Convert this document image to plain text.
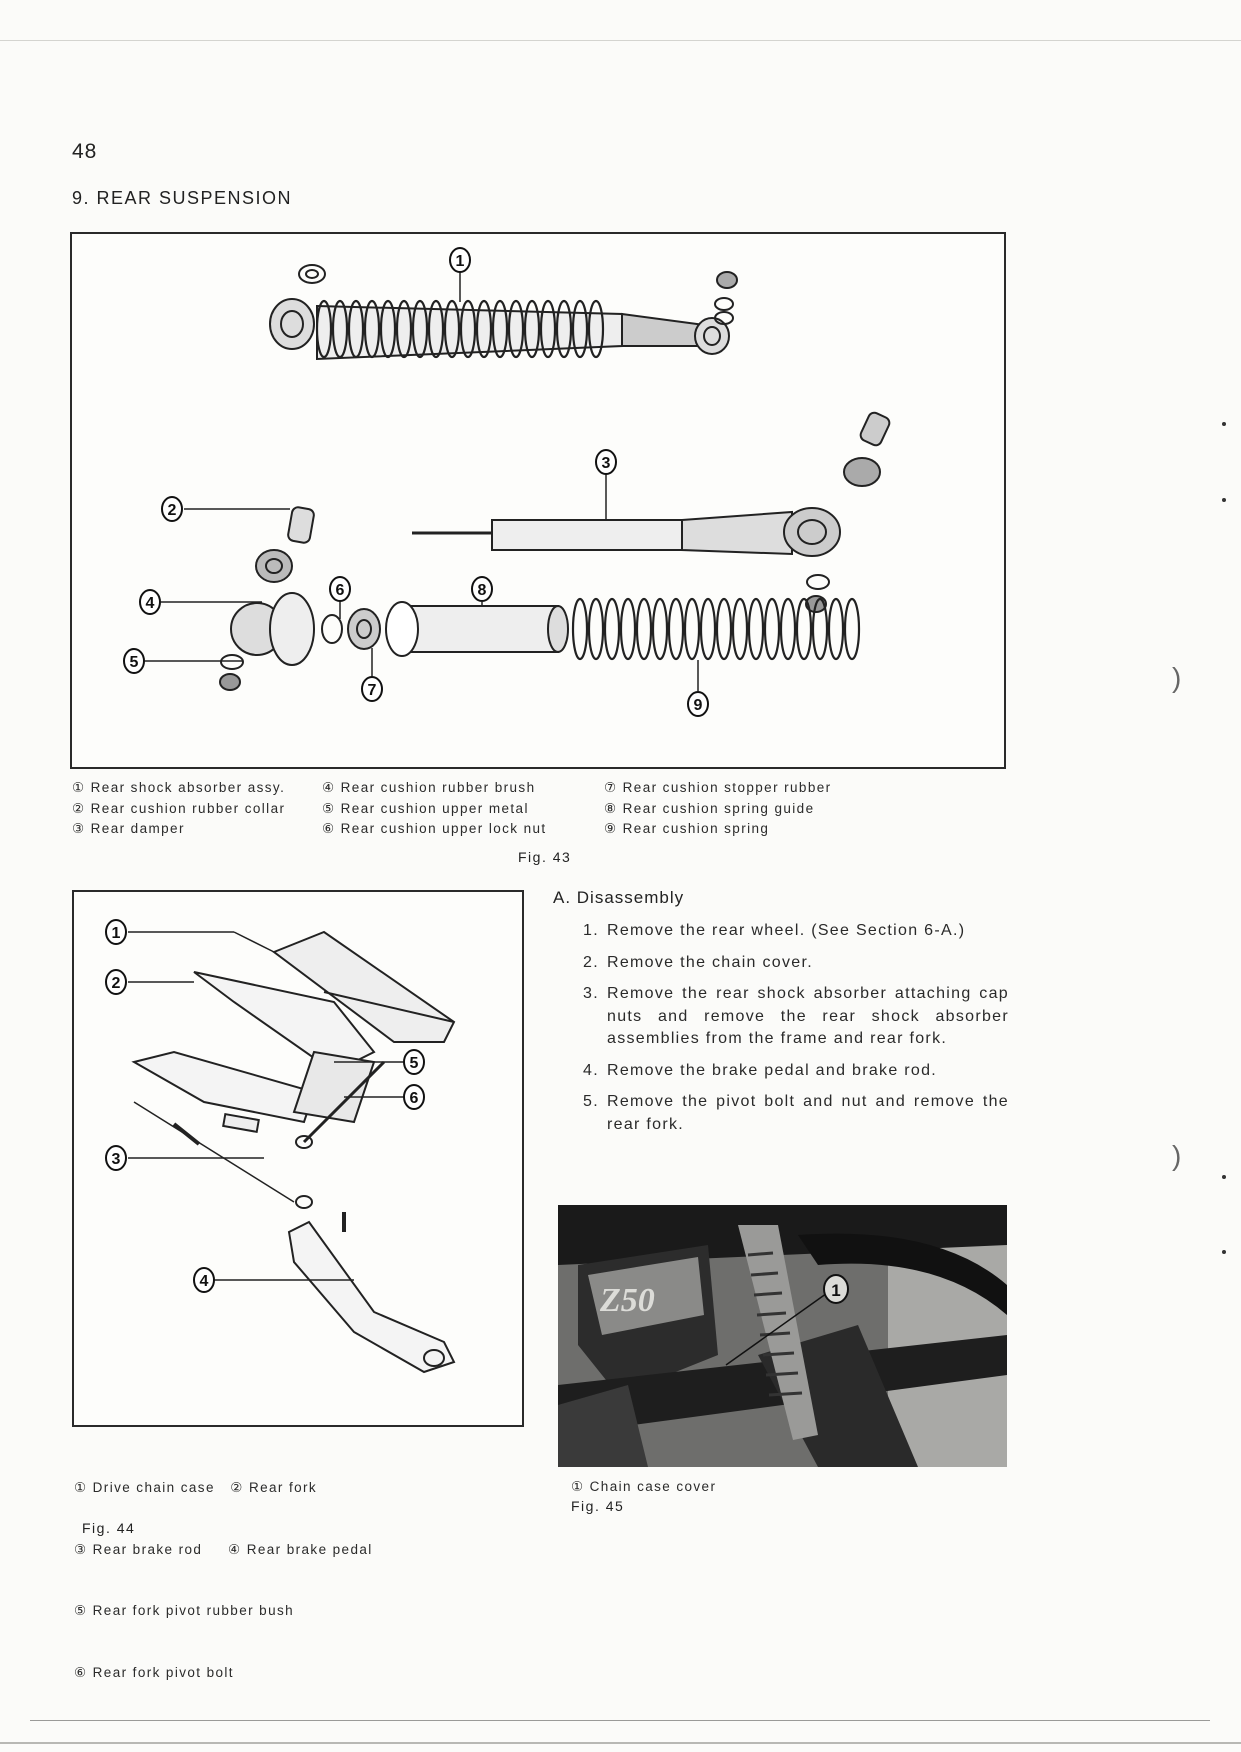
48
9. REAR SUSPENSION
1
3
2
4
6	8
5
7
9
① Rear shock absorber assy.
② Rear cushion rubber collar
③ Rear damper
④ Rear cushion rubber brush
⑤ Rear cushion upper metal
⑥ Rear cushion upper lock nut
⑦ Rear cushion stopper rubber
⑧ Rear cushion spring guide
⑨ Rear cushion spring
Fig. 43
1
2
5
6
3
4

① Drive chain case   ② Rear fork

③ Rear brake rod     ④ Rear brake pedal

⑤ Rear fork pivot rubber bush

⑥ Rear fork pivot bolt

Fig. 44
A. Disassembly
1. Remove the rear wheel. (See Section 6-A.)
2. Remove the chain cover.
3. Remove the rear shock absorber attaching cap nuts and remove the rear shock absorber assemblies from the frame and rear fork.
4. Remove the brake pedal and brake rod.
5. Remove the pivot bolt and nut and remove the rear fork.
Z50	1
① Chain case cover
Fig. 45
)
)
